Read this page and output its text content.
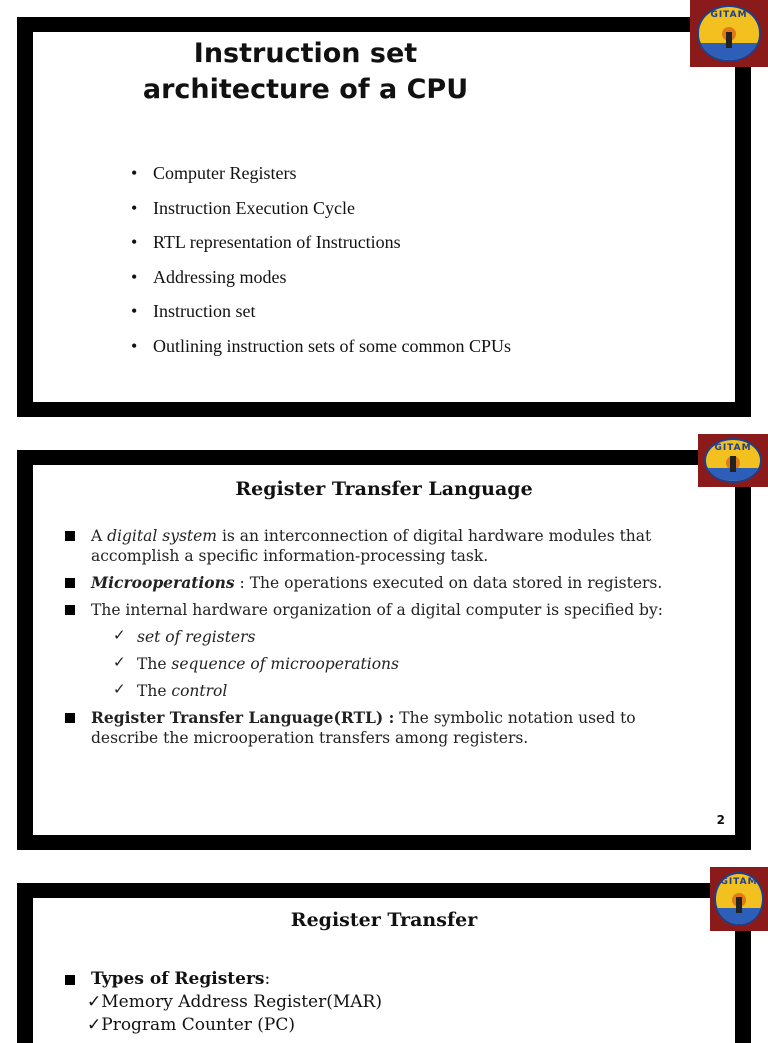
Instruction set
architecture of a CPU
• Computer Registers
• Instruction Execution Cycle
• RTL representation of Instructions
• Addressing modes
• Instruction set
• Outlining instruction sets of some common CPUs
GITAM
Register Transfer Language
A digital system is an interconnection of digital hardware modules that accomplish a specific information-processing task.
Microoperations : The operations executed on data stored in registers.
The internal hardware organization of a digital computer is specified by:
✓ set of registers
✓ The sequence of microoperations
✓ The control
Register Transfer Language(RTL) : The symbolic notation used to describe the microoperation transfers among registers.
2
GITAM
Register Transfer
Types of Registers:
✓Memory Address Register(MAR)
✓Program Counter (PC)
GITAM
